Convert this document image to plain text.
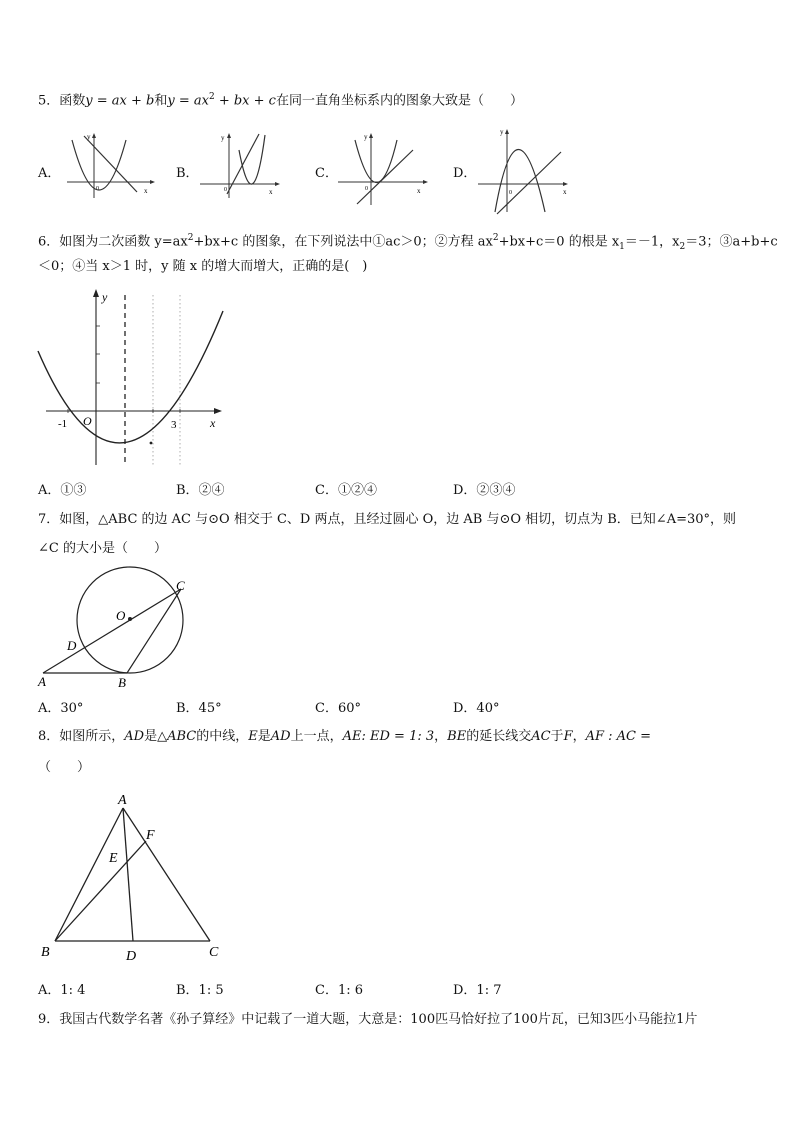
5．函数y = ax + b和$y = ax^2$ + bx + c在同一直角坐标系内的图象大致是（　　）
A．	B．	C．	D．
x
y
0	x
y
0	x
y
0	x
y
0
6．如图为二次函数 $y=ax^2+bx+c$ 的图象，在下列说法中①ac＞0；②方程 $ax^2+bx+c=0$ 的根是 $x_1=-1$，$x_2=3$；③a+b+c
＜0；④当 x＞1 时，y 随 x 的增大而增大，正确的是(　)
y
x
O
-1	3
A．①③	B．②④	C．①②④	D．②③④
7．如图，△ABC 的边 AC 与⊙O 相交于 C、D 两点，且经过圆心 O，边 AB 与⊙O 相切，切点为 B．已知∠A=30°，则
∠C 的大小是（　　）
C
O
D
A	B
A．30°	B．45°	C．60°	D．40°
8．如图所示，AD是△ABC的中线，E是AD上一点，AE: ED = 1: 3，BE的延长线交AC于F，AF : AC =
（　　）
A
F
E
B	D	C
A．1: 4	B．1: 5	C．1: 6	D．1: 7
9．我国古代数学名著《孙子算经》中记载了一道大题，大意是：100匹马恰好拉了100片瓦，已知3匹小马能拉1片
